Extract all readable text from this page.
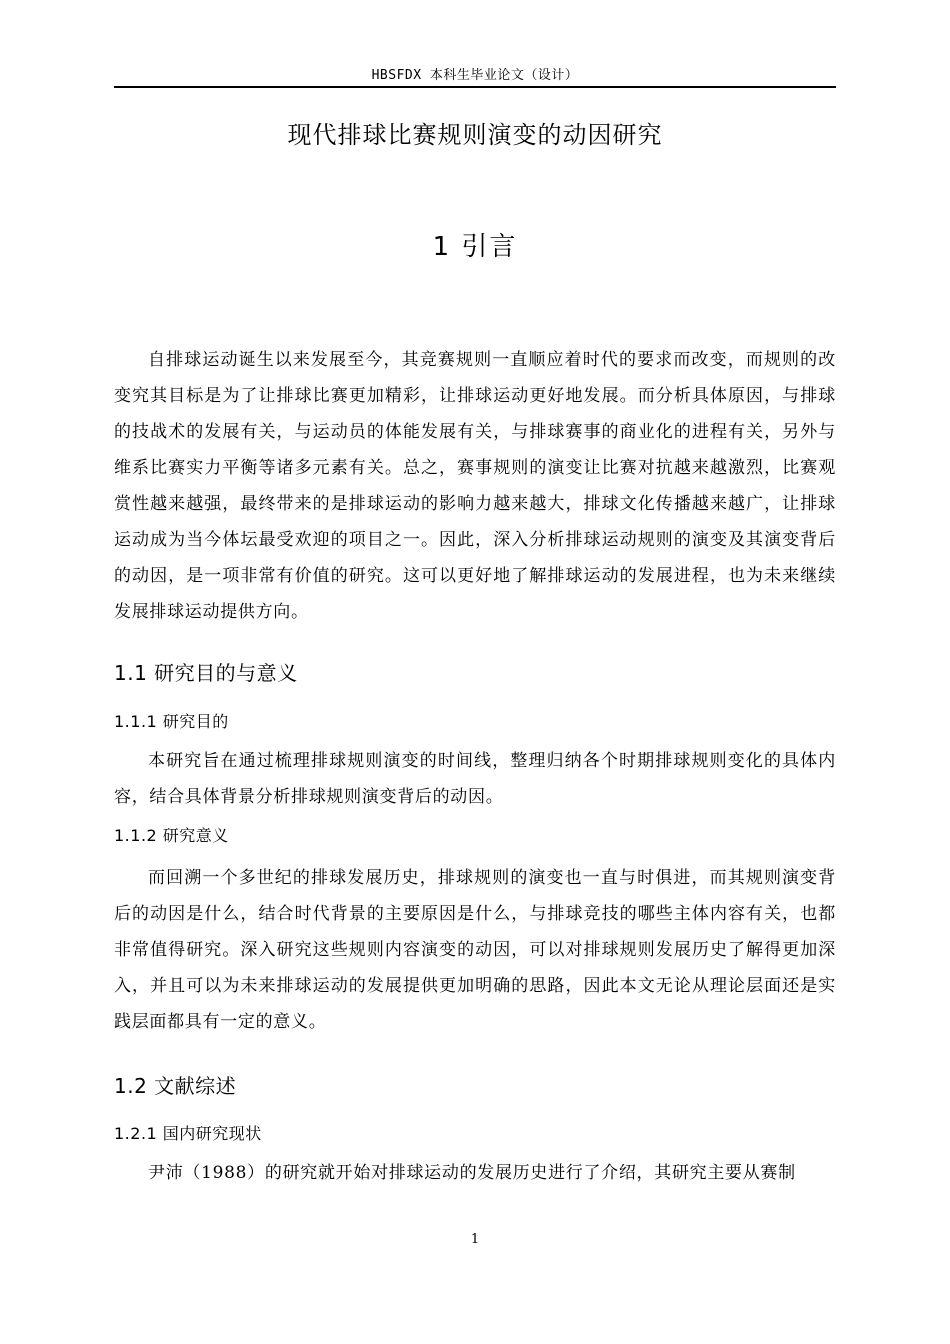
HBSFDX 本科生毕业论文（设计）
现代排球比赛规则演变的动因研究
1 引言

自排球运动诞生以来发展至今，其竞赛规则一直顺应着时代的要求而改变，而规则的改变究其目标是为了让排球比赛更加精彩，让排球运动更好地发展。而分析具体原因，与排球的技战术的发展有关，与运动员的体能发展有关，与排球赛事的商业化的进程有关，另外与维系比赛实力平衡等诸多元素有关。总之，赛事规则的演变让比赛对抗越来越激烈，比赛观赏性越来越强，最终带来的是排球运动的影响力越来越大，排球文化传播越来越广，让排球运动成为当今体坛最受欢迎的项目之一。因此，深入分析排球运动规则的演变及其演变背后的动因，是一项非常有价值的研究。这可以更好地了解排球运动的发展进程，也为未来继续发展排球运动提供方向。

1.1 研究目的与意义
1.1.1 研究目的

本研究旨在通过梳理排球规则演变的时间线，整理归纳各个时期排球规则变化的具体内容，结合具体背景分析排球规则演变背后的动因。

1.1.2 研究意义

而回溯一个多世纪的排球发展历史，排球规则的演变也一直与时俱进，而其规则演变背后的动因是什么，结合时代背景的主要原因是什么，与排球竞技的哪些主体内容有关，也都非常值得研究。深入研究这些规则内容演变的动因，可以对排球规则发展历史了解得更加深入，并且可以为未来排球运动的发展提供更加明确的思路，因此本文无论从理论层面还是实践层面都具有一定的意义。

1.2 文献综述
1.2.1 国内研究现状

尹沛（1988）的研究就开始对排球运动的发展历史进行了介绍，其研究主要从赛制

1
